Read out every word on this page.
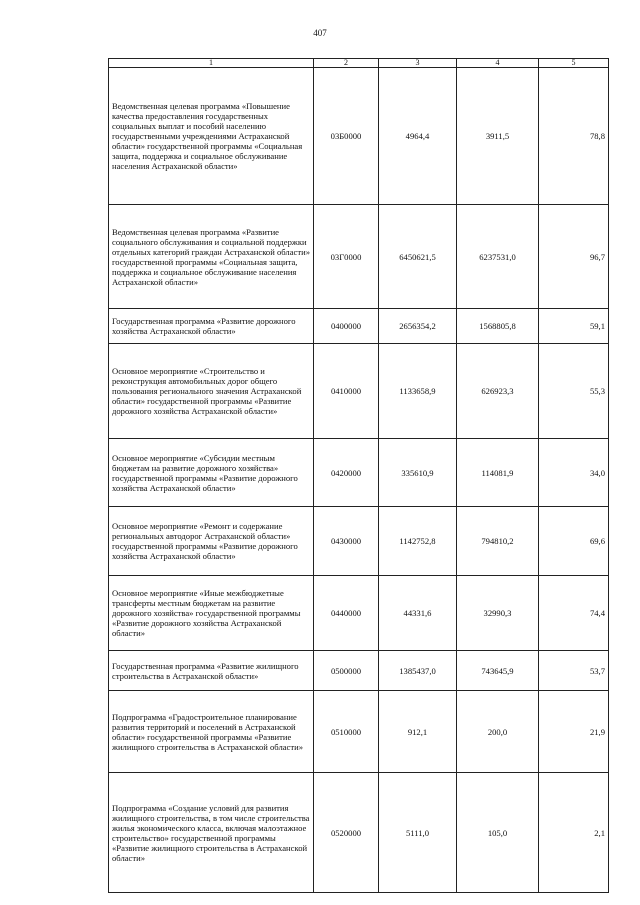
407
1	2	3	4	5
Ведомственная целевая программа «Повышение качества предоставления государственных социальных выплат и пособий населению государственными учреждениями Астраханской области» государственной программы «Социальная защита, поддержка и социальное обслуживание населения Астраханской области»	03Б0000	4964,4	3911,5	78,8
Ведомственная целевая программа «Развитие социального обслуживания и социальной поддержки отдельных категорий граждан Астраханской области» государственной программы «Социальная защита, поддержка и социальное обслуживание населения Астраханской области»	03Г0000	6450621,5	6237531,0	96,7
Государственная программа «Развитие дорожного хозяйства Астраханской области»	0400000	2656354,2	1568805,8	59,1
Основное мероприятие «Строительство и реконструкция автомобильных дорог общего пользования регионального значения Астраханской области» государственной программы «Развитие дорожного хозяйства Астраханской области»	0410000	1133658,9	626923,3	55,3
Основное мероприятие «Субсидии местным бюджетам на развитие дорожного хозяйства» государственной программы «Развитие дорожного хозяйства Астраханской области»	0420000	335610,9	114081,9	34,0
Основное мероприятие «Ремонт и содержание региональных автодорог Астраханской области» государственной программы «Развитие дорожного хозяйства Астраханской области»	0430000	1142752,8	794810,2	69,6
Основное мероприятие «Иные межбюджетные трансферты местным бюджетам на развитие дорожного хозяйства» государственной программы «Развитие дорожного хозяйства Астраханской области»	0440000	44331,6	32990,3	74,4
Государственная программа «Развитие жилищного строительства в Астраханской области»	0500000	1385437,0	743645,9	53,7
Подпрограмма «Градостроительное планирование развития территорий и поселений в Астраханской области» государственной программы «Развитие жилищного строительства в Астраханской области»	0510000	912,1	200,0	21,9
Подпрограмма «Создание условий для развития жилищного строительства, в том числе строительства жилья экономического класса, включая малоэтажное строительство» государственной программы «Развитие жилищного строительства в Астраханской области»	0520000	5111,0	105,0	2,1
